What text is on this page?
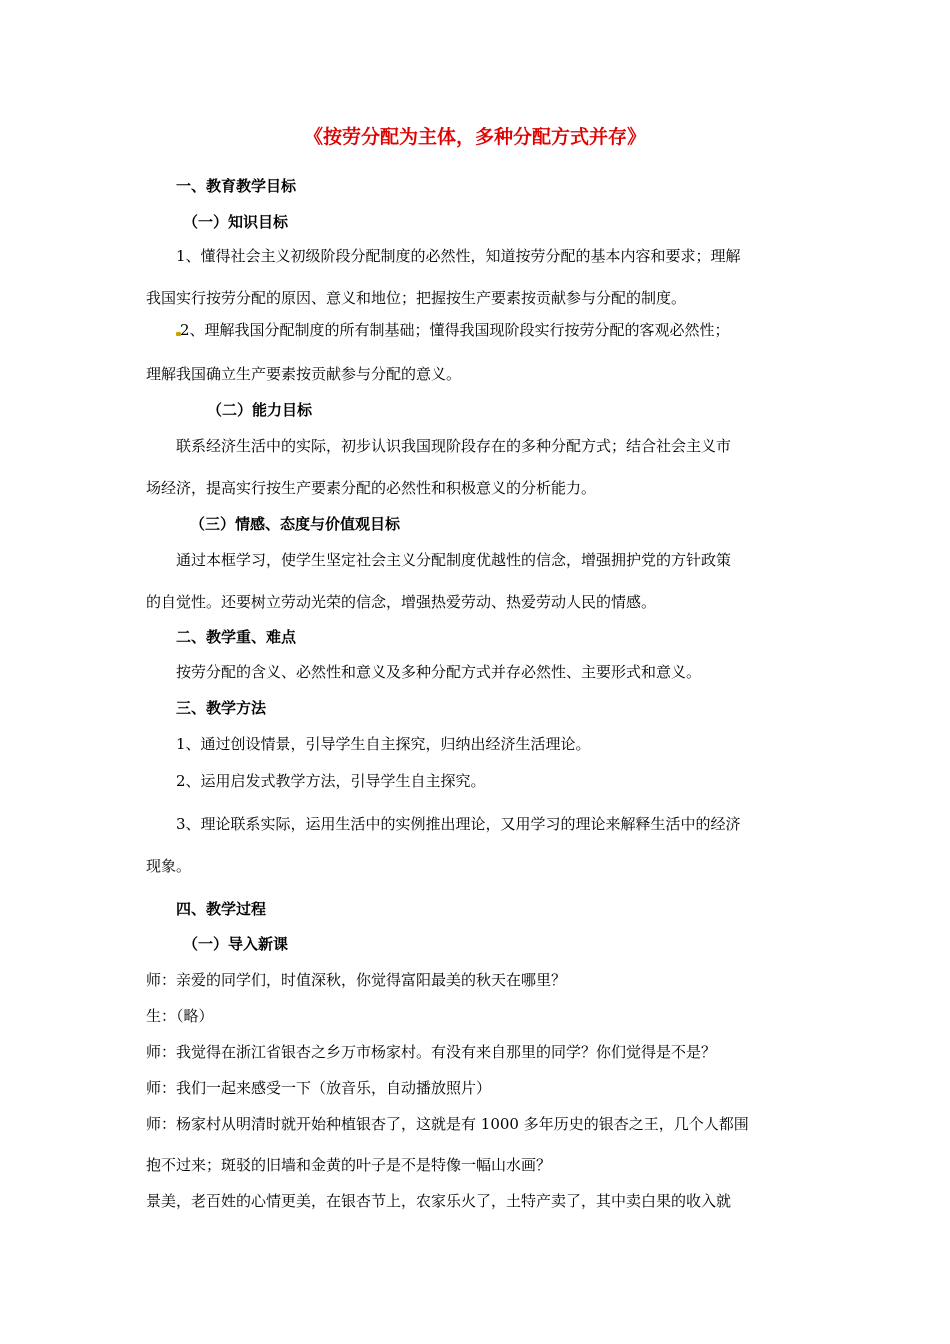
《按劳分配为主体，多种分配方式并存》
一、教育教学目标
（一）知识目标
1、懂得社会主义初级阶段分配制度的必然性，知道按劳分配的基本内容和要求；理解
我国实行按劳分配的原因、意义和地位；把握按生产要素按贡献参与分配的制度。
2、理解我国分配制度的所有制基础；懂得我国现阶段实行按劳分配的客观必然性；
理解我国确立生产要素按贡献参与分配的意义。
（二）能力目标
联系经济生活中的实际，初步认识我国现阶段存在的多种分配方式；结合社会主义市
场经济，提高实行按生产要素分配的必然性和积极意义的分析能力。
（三）情感、态度与价值观目标
通过本框学习，使学生坚定社会主义分配制度优越性的信念，增强拥护党的方针政策
的自觉性。还要树立劳动光荣的信念，增强热爱劳动、热爱劳动人民的情感。
二、教学重、难点
按劳分配的含义、必然性和意义及多种分配方式并存必然性、主要形式和意义。
三、教学方法
1、通过创设情景，引导学生自主探究，归纳出经济生活理论。
2、运用启发式教学方法，引导学生自主探究。
3、理论联系实际，运用生活中的实例推出理论，又用学习的理论来解释生活中的经济
现象。
四、教学过程
（一）导入新课
师：亲爱的同学们，时值深秋，你觉得富阳最美的秋天在哪里？
生：（略）
师：我觉得在浙江省银杏之乡万市杨家村。有没有来自那里的同学？你们觉得是不是？
师：我们一起来感受一下（放音乐，自动播放照片）
师：杨家村从明清时就开始种植银杏了，这就是有 1000 多年历史的银杏之王，几个人都围
抱不过来；斑驳的旧墙和金黄的叶子是不是特像一幅山水画？
景美，老百姓的心情更美，在银杏节上，农家乐火了，土特产卖了，其中卖白果的收入就
